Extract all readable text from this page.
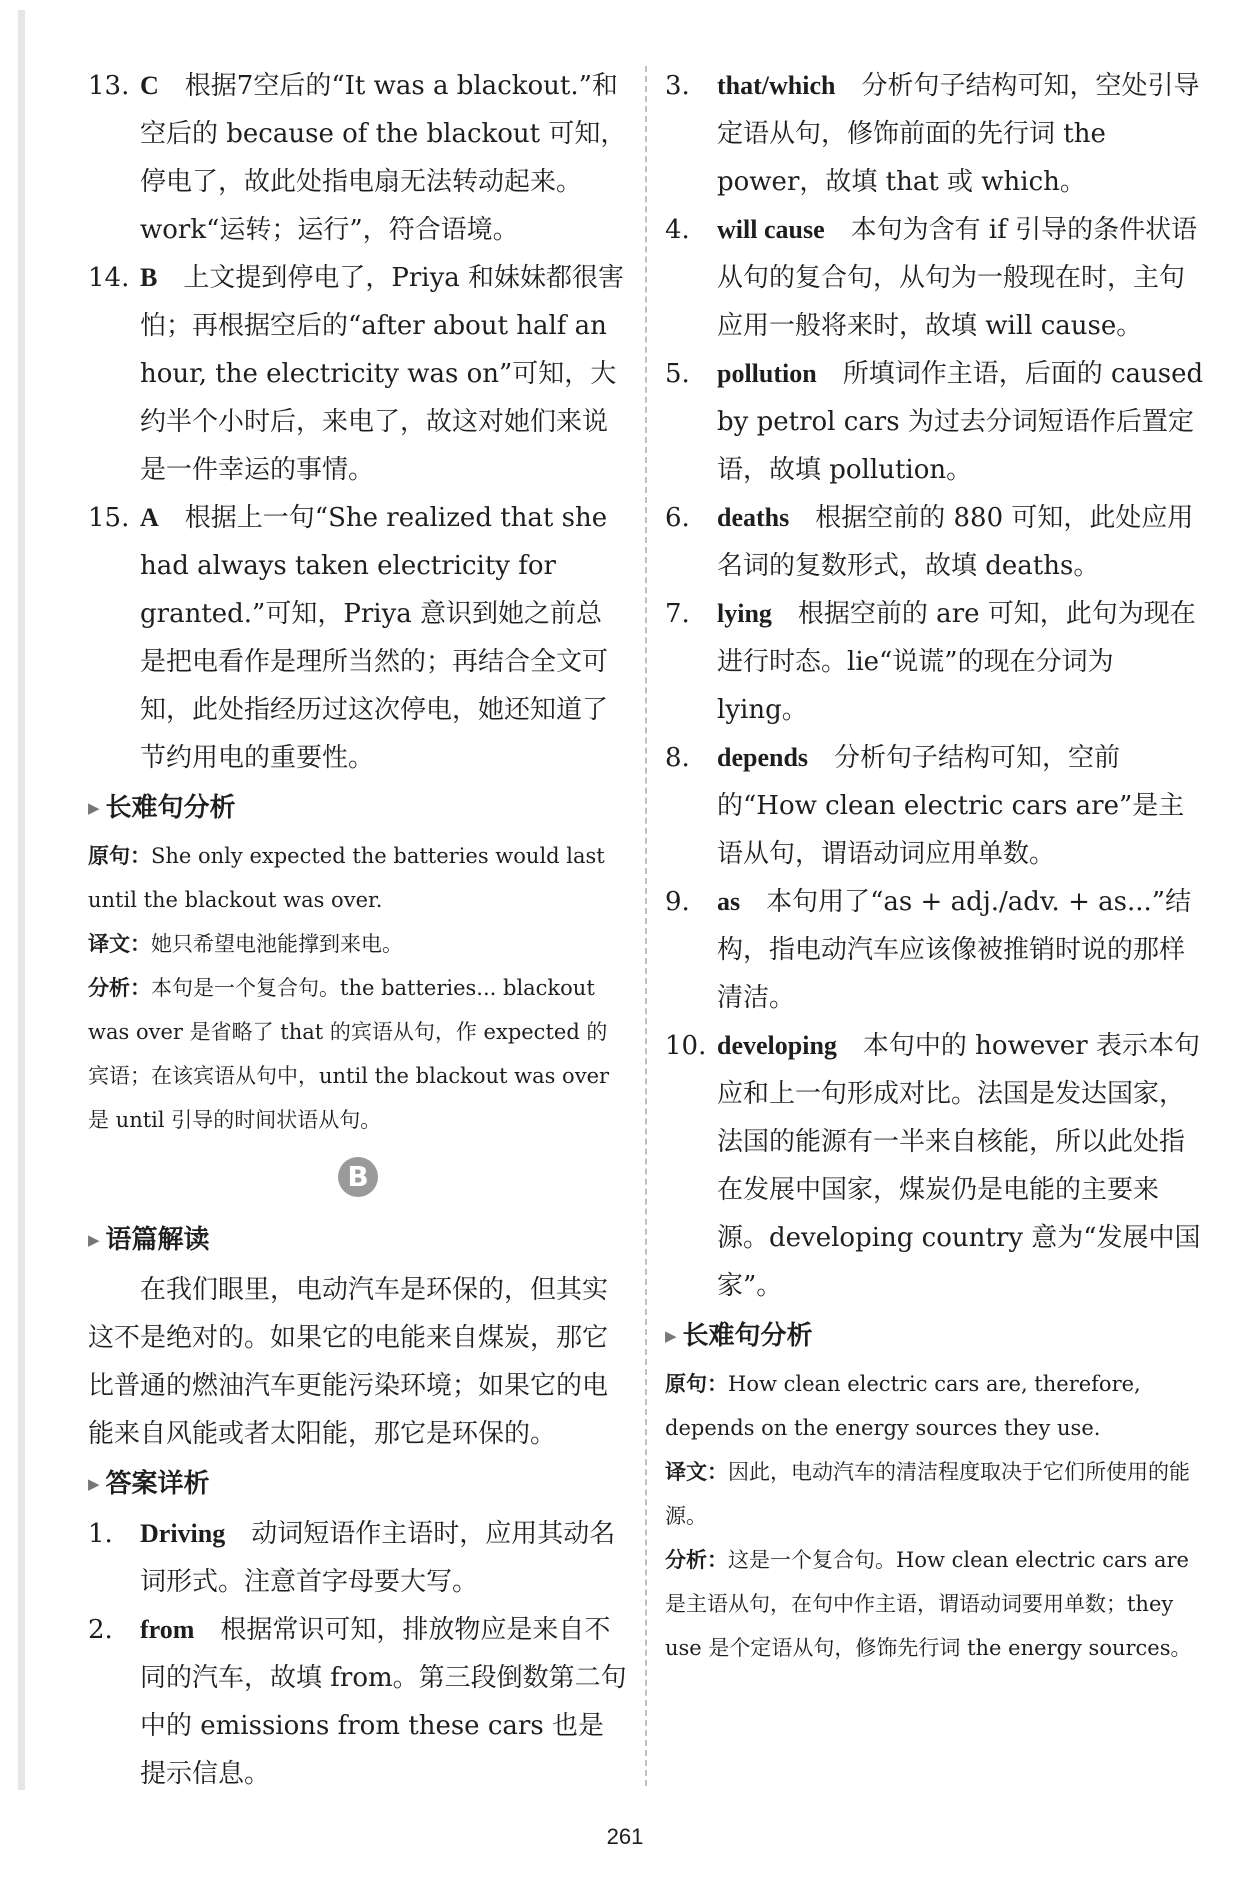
13. C 根据7空后的“It was a blackout.”和空后的 because of the blackout 可知，停电了，故此处指电扇无法转动起来。work“运转；运行”，符合语境。

14. B 上文提到停电了，Priya 和妹妹都很害怕；再根据空后的“after about half an hour, the electricity was on”可知，大约半个小时后，来电了，故这对她们来说是一件幸运的事情。

15. A 根据上一句“She realized that she had always taken electricity for granted.”可知，Priya 意识到她之前总是把电看作是理所当然的；再结合全文可知，此处指经历过这次停电，她还知道了节约用电的重要性。

▶ 长难句分析

原句：She only expected the batteries would last until the blackout was over.

译文：她只希望电池能撑到来电。

分析：本句是一个复合句。the batteries... blackout was over 是省略了 that 的宾语从句，作 expected 的宾语；在该宾语从句中，until the blackout was over 是 until 引导的时间状语从句。

B
▶ 语篇解读

在我们眼里，电动汽车是环保的，但其实这不是绝对的。如果它的电能来自煤炭，那它比普通的燃油汽车更能污染环境；如果它的电能来自风能或者太阳能，那它是环保的。

▶ 答案详析

1. Driving 动词短语作主语时，应用其动名词形式。注意首字母要大写。

2. from 根据常识可知，排放物应是来自不同的汽车，故填 from。第三段倒数第二句中的 emissions from these cars 也是提示信息。

3. that/which 分析句子结构可知，空处引导定语从句，修饰前面的先行词 the power，故填 that 或 which。

4. will cause 本句为含有 if 引导的条件状语从句的复合句，从句为一般现在时，主句应用一般将来时，故填 will cause。

5. pollution 所填词作主语，后面的 caused by petrol cars 为过去分词短语作后置定语，故填 pollution。

6. deaths 根据空前的 880 可知，此处应用名词的复数形式，故填 deaths。

7. lying 根据空前的 are 可知，此句为现在进行时态。lie“说谎”的现在分词为 lying。

8. depends 分析句子结构可知，空前的“How clean electric cars are”是主语从句，谓语动词应用单数。

9. as 本句用了“as + adj./adv. + as...”结构，指电动汽车应该像被推销时说的那样清洁。

10. developing 本句中的 however 表示本句应和上一句形成对比。法国是发达国家，法国的能源有一半来自核能，所以此处指在发展中国家，煤炭仍是电能的主要来源。developing country 意为“发展中国家”。

▶ 长难句分析

原句：How clean electric cars are, therefore, depends on the energy sources they use.

译文：因此，电动汽车的清洁程度取决于它们所使用的能源。

分析：这是一个复合句。How clean electric cars are 是主语从句，在句中作主语，谓语动词要用单数；they use 是个定语从句，修饰先行词 the energy sources。

261
